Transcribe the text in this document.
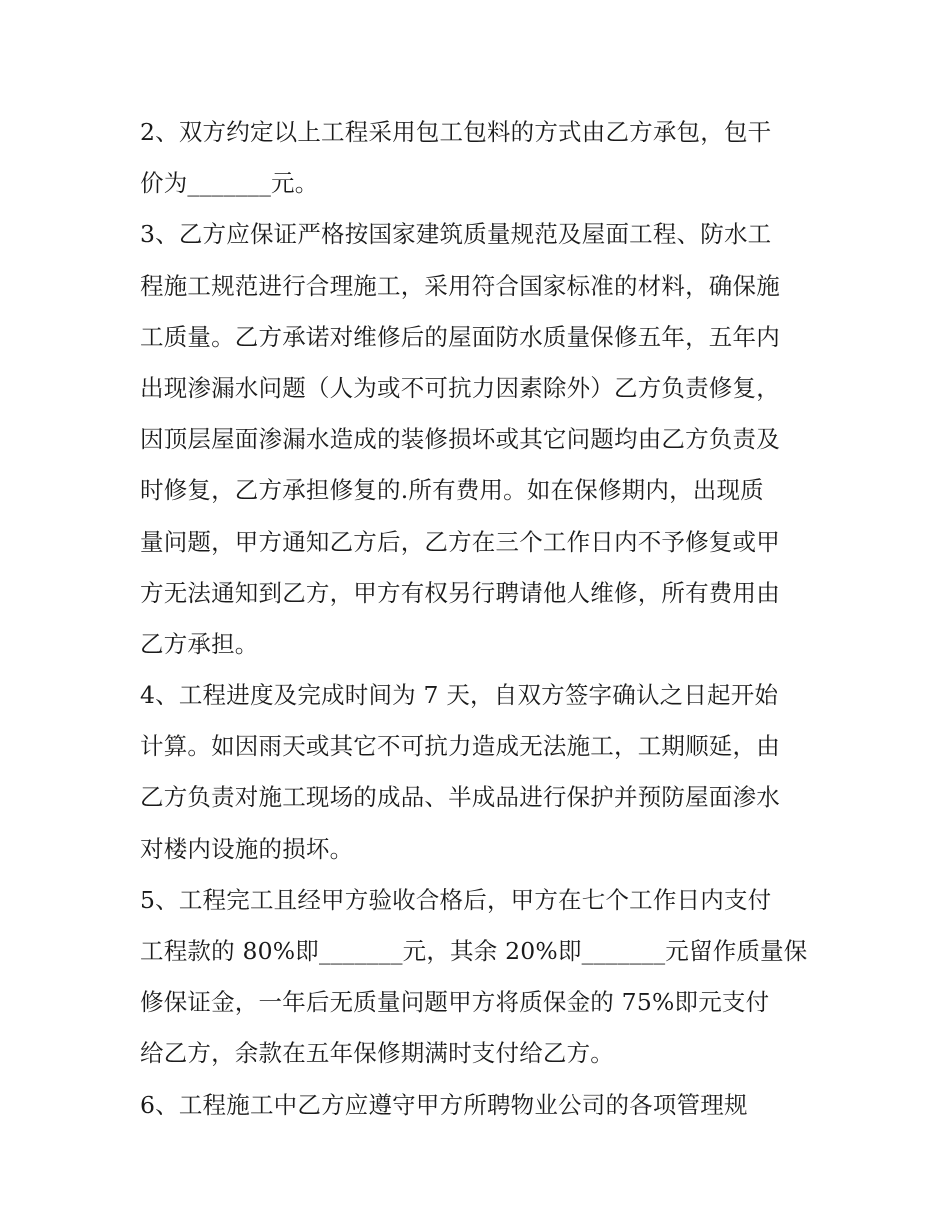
2、双方约定以上工程采用包工包料的方式由乙方承包，包干
价为_______元。
3、乙方应保证严格按国家建筑质量规范及屋面工程、防水工
程施工规范进行合理施工，采用符合国家标准的材料，确保施
工质量。乙方承诺对维修后的屋面防水质量保修五年，五年内
出现渗漏水问题（人为或不可抗力因素除外）乙方负责修复，
因顶层屋面渗漏水造成的装修损坏或其它问题均由乙方负责及
时修复，乙方承担修复的.所有费用。如在保修期内，出现质
量问题，甲方通知乙方后，乙方在三个工作日内不予修复或甲
方无法通知到乙方，甲方有权另行聘请他人维修，所有费用由
乙方承担。
4、工程进度及完成时间为 7 天，自双方签字确认之日起开始
计算。如因雨天或其它不可抗力造成无法施工，工期顺延，由
乙方负责对施工现场的成品、半成品进行保护并预防屋面渗水
对楼内设施的损坏。
5、工程完工且经甲方验收合格后，甲方在七个工作日内支付
工程款的 80%即_______元，其余 20%即_______元留作质量保
修保证金，一年后无质量问题甲方将质保金的 75%即元支付
给乙方，余款在五年保修期满时支付给乙方。
6、工程施工中乙方应遵守甲方所聘物业公司的各项管理规
